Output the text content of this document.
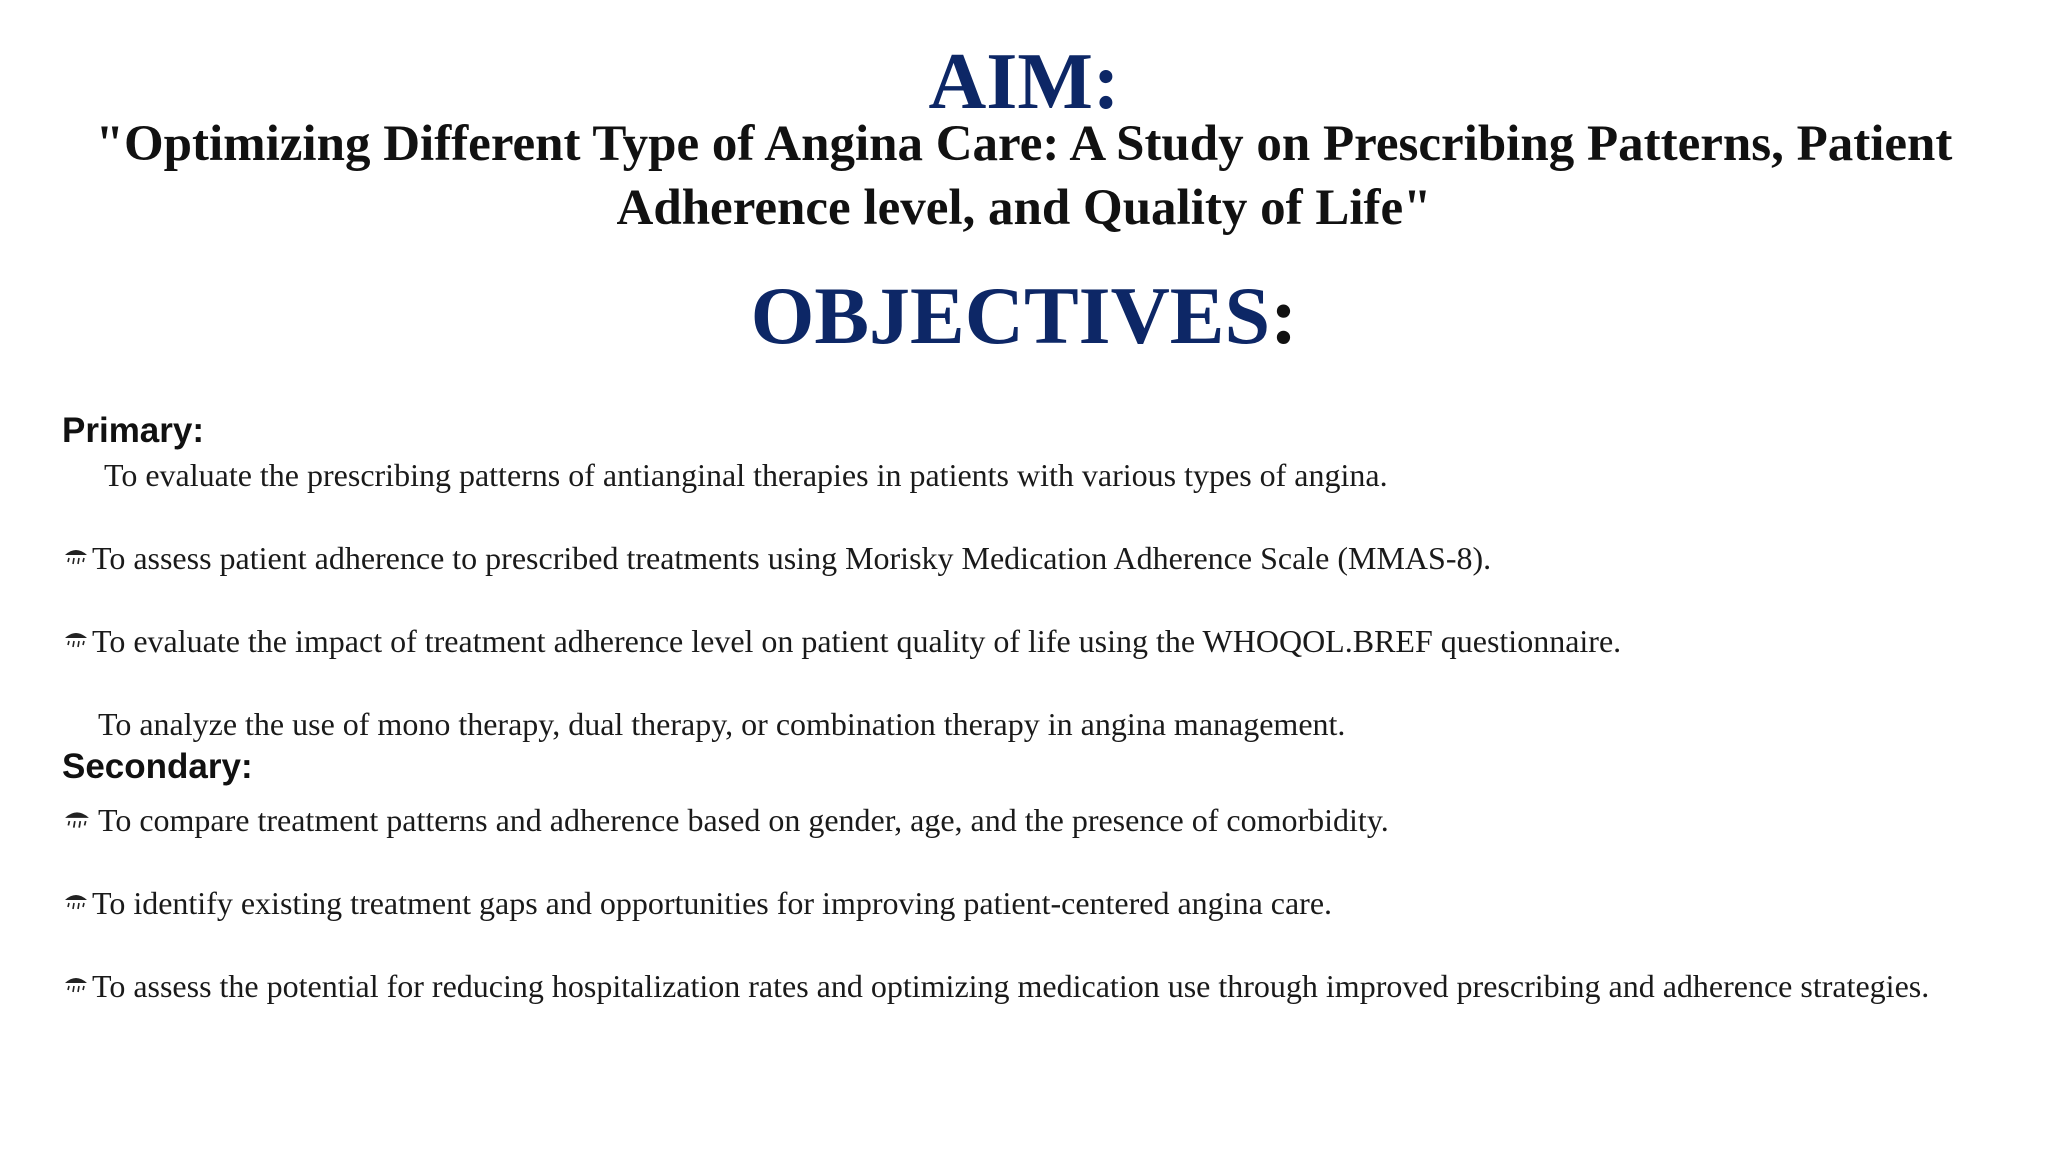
AIM:
"Optimizing Different Type of Angina Care: A Study on Prescribing Patterns, Patient Adherence level, and Quality of Life"
OBJECTIVES:
Primary:
To evaluate the prescribing patterns of antianginal therapies in patients with various types of angina.
To assess patient adherence to prescribed treatments using Morisky Medication Adherence Scale (MMAS-8).
To evaluate the impact of treatment adherence level on patient quality of life using the WHOQOL.BREF questionnaire.
To analyze the use of mono therapy, dual therapy, or combination therapy in angina management.
Secondary:
To compare treatment patterns and adherence based on gender, age, and the presence of comorbidity.
To identify existing treatment gaps and opportunities for improving patient-centered angina care.
To assess the potential for reducing hospitalization rates and optimizing medication use through improved prescribing and adherence strategies.
